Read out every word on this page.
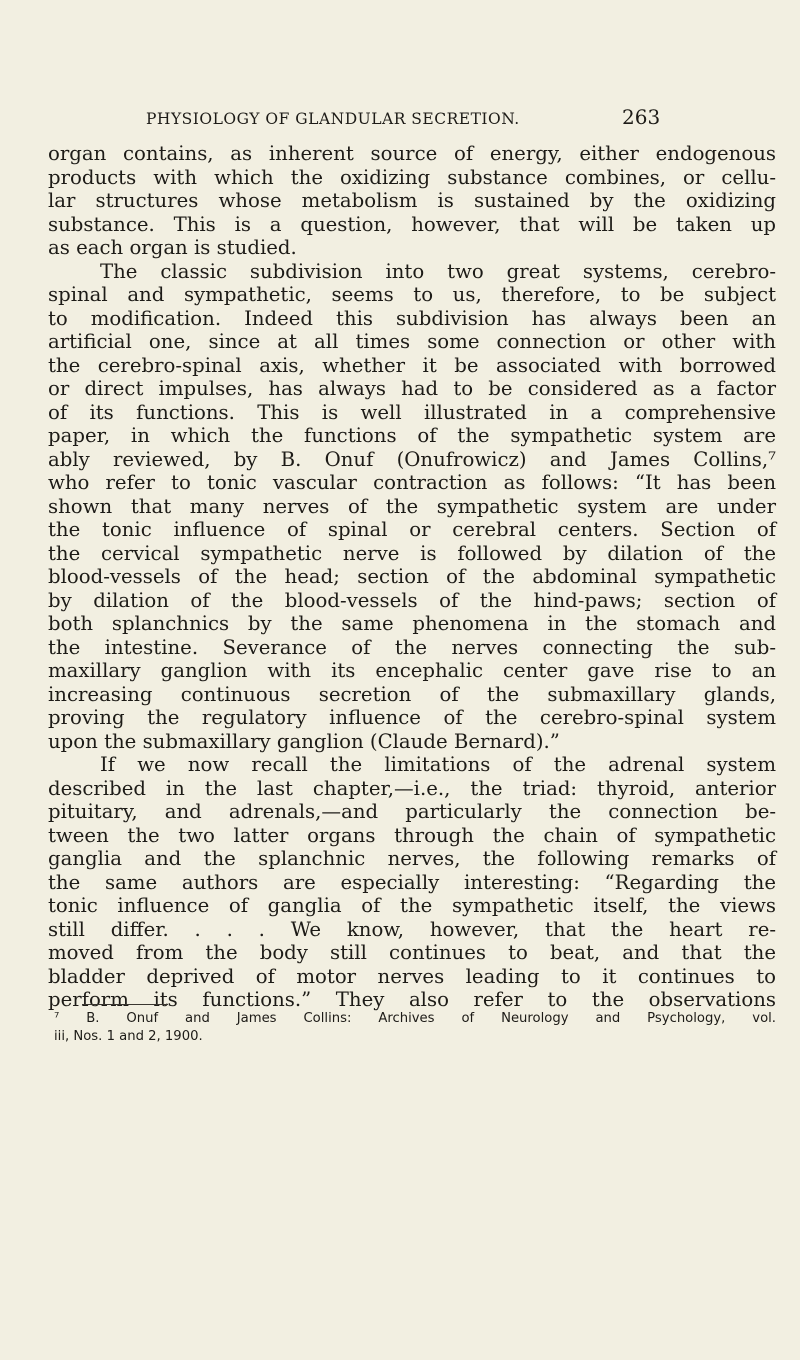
PHYSIOLOGY OF GLANDULAR SECRETION.	263

organ contains, as inherent source of energy, either endogenous
products with which the oxidizing substance combines, or cellu-
lar structures whose metabolism is sustained by the oxidizing
substance. This is a question, however, that will be taken up
as each organ is studied.

The classic subdivision into two great systems, cerebro-
spinal and sympathetic, seems to us, therefore, to be subject
to modification. Indeed this subdivision has always been an
artificial one, since at all times some connection or other with
the cerebro-spinal axis, whether it be associated with borrowed
or direct impulses, has always had to be considered as a factor
of its functions. This is well illustrated in a comprehensive
paper, in which the functions of the sympathetic system are
ably reviewed, by B. Onuf (Onufrowicz) and James Collins,⁷
who refer to tonic vascular contraction as follows: “It has been
shown that many nerves of the sympathetic system are under
the tonic influence of spinal or cerebral centers. Section of
the cervical sympathetic nerve is followed by dilation of the
blood-vessels of the head; section of the abdominal sympathetic
by dilation of the blood-vessels of the hind-paws; section of
both splanchnics by the same phenomena in the stomach and
the intestine. Severance of the nerves connecting the sub-
maxillary ganglion with its encephalic center gave rise to an
increasing continuous secretion of the submaxillary glands,
proving the regulatory influence of the cerebro-spinal system
upon the submaxillary ganglion (Claude Bernard).”

If we now recall the limitations of the adrenal system
described in the last chapter,—i.e., the triad: thyroid, anterior
pituitary, and adrenals,—and particularly the connection be-
tween the two latter organs through the chain of sympathetic
ganglia and the splanchnic nerves, the following remarks of
the same authors are especially interesting: “Regarding the
tonic influence of ganglia of the sympathetic itself, the views
still differ. . . . We know, however, that the heart re-
moved from the body still continues to beat, and that the
bladder deprived of motor nerves leading to it continues to
perform its functions.” They also refer to the observations

⁷ B. Onuf and James Collins: Archives of Neurology and Psychology, vol.
iii, Nos. 1 and 2, 1900.
